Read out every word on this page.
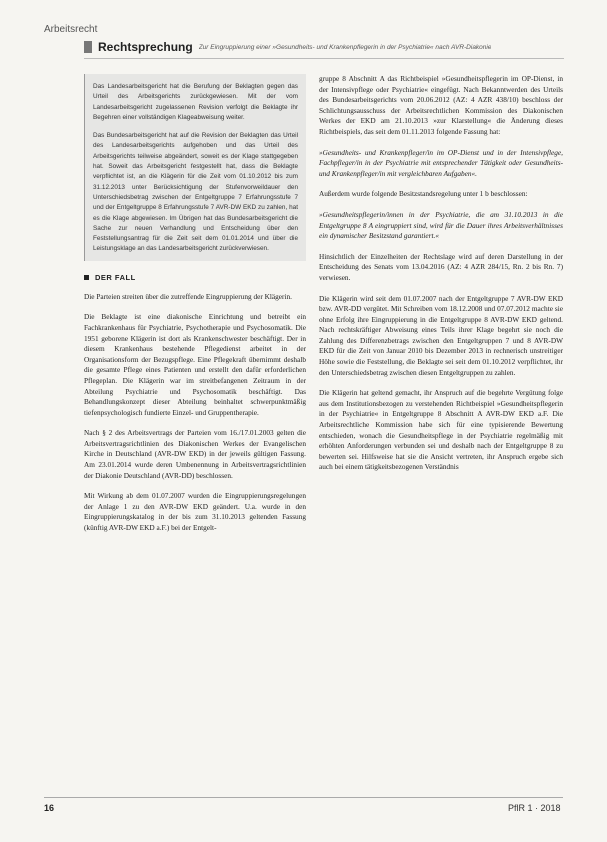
Arbeitsrecht
Rechtsprechung Zur Eingruppierung einer »Gesundheits- und Krankenpflegerin in der Psychiatrie« nach AVR-Diakonie

Das Landesarbeitsgericht hat die Berufung der Beklagten gegen das Urteil des Arbeitsgerichts zurückgewiesen. Mit der vom Landesarbeitsgericht zugelassenen Revision verfolgt die Beklagte ihr Begehren einer vollständigen Klageabweisung weiter.

Das Bundesarbeitsgericht hat auf die Revision der Beklagten das Urteil des Landesarbeitsgerichts aufgehoben und das Urteil des Arbeitsgerichts teilweise abgeändert, soweit es der Klage stattgegeben hat. Soweit das Arbeitsgericht festgestellt hat, dass die Beklagte verpflichtet ist, an die Klägerin für die Zeit vom 01.10.2012 bis zum 31.12.2013 unter Berücksichtigung der Stufenvorweildauer den Unterschiedsbetrag zwischen der Entgeltgruppe 7 Erfahrungsstufe 7 und der Entgeltgruppe 8 Erfahrungsstufe 7 AVR-DW EKD zu zahlen, hat es die Klage abgewiesen. Im Übrigen hat das Bundesarbeitsgericht die Sache zur neuen Verhandlung und Entscheidung über den Feststellungsantrag für die Zeit seit dem 01.01.2014 und über die Leistungsklage an das Landesarbeitsgericht zurückverwiesen.

DER FALL

Die Parteien streiten über die zutreffende Eingruppierung der Klägerin.

Die Beklagte ist eine diakonische Einrichtung und betreibt ein Fachkrankenhaus für Psychiatrie, Psychotherapie und Psychosomatik. Die 1951 geborene Klägerin ist dort als Krankenschwester beschäftigt. Der in diesem Krankenhaus bestehende Pflegedienst arbeitet in der Organisationsform der Bezugspflege. Eine Pflegekraft übernimmt deshalb die gesamte Pflege eines Patienten und erstellt den dafür erforderlichen Pflegeplan. Die Klägerin war im streitbefangenen Zeitraum in der Abteilung Psychiatrie und Psychosomatik beschäftigt. Das Behandlungskonzept dieser Abteilung beinhaltet schwerpunktmäßig tiefenpsychologisch fundierte Einzel- und Gruppentherapie.

Nach § 2 des Arbeitsvertrags der Parteien vom 16./17.01.2003 gelten die Arbeitsvertragsrichtlinien des Diakonischen Werkes der Evangelischen Kirche in Deutschland (AVR-DW EKD) in der jeweils gültigen Fassung. Am 23.01.2014 wurde deren Umbenennung in Arbeitsvertragsrichtlinien der Diakonie Deutschland (AVR-DD) beschlossen.

Mit Wirkung ab dem 01.07.2007 wurden die Eingruppierungsregelungen der Anlage 1 zu den AVR-DW EKD geändert. U.a. wurde in den Eingruppierungskatalog in der bis zum 31.10.2013 geltenden Fassung (künftig AVR-DW EKD a.F.) bei der Entgelt-

gruppe 8 Abschnitt A das Richtbeispiel »Gesundheitspflegerin im OP-Dienst, in der Intensivpflege oder Psychiatrie« eingefügt. Nach Bekanntwerden des Urteils des Bundesarbeitsgerichts vom 20.06.2012 (AZ: 4 AZR 438/10) beschloss der Schlichtungsausschuss der Arbeitsrechtlichen Kommission des Diakonischen Werkes der EKD am 21.10.2013 »zur Klarstellung« die Änderung dieses Richtbeispiels, das seit dem 01.11.2013 folgende Fassung hat:

»Gesundheits- und Krankenpfleger/in im OP-Dienst und in der Intensivpflege, Fachpfleger/in in der Psychiatrie mit entsprechender Tätigkeit oder Gesundheits- und Krankenpfleger/in mit vergleichbaren Aufgaben«.

Außerdem wurde folgende Besitzstandsregelung unter 1 b beschlossen:

»Gesundheitspflegerin/innen in der Psychiatrie, die am 31.10.2013 in die Entgeltgruppe 8 A eingruppiert sind, wird für die Dauer ihres Arbeitsverhältnisses ein dynamischer Besitzstand garantiert.«

Hinsichtlich der Einzelheiten der Rechtslage wird auf deren Darstellung in der Entscheidung des Senats vom 13.04.2016 (AZ: 4 AZR 284/15, Rn. 2 bis Rn. 7) verwiesen.

Die Klägerin wird seit dem 01.07.2007 nach der Entgeltgruppe 7 AVR-DW EKD bzw. AVR-DD vergütet. Mit Schreiben vom 18.12.2008 und 07.07.2012 machte sie ohne Erfolg ihre Eingruppierung in die Entgeltgruppe 8 AVR-DW EKD geltend. Nach rechtskräftiger Abweisung eines Teils ihrer Klage begehrt sie noch die Zahlung des Differenzbetrags zwischen den Entgeltgruppen 7 und 8 AVR-DW EKD für die Zeit von Januar 2010 bis Dezember 2013 in rechnerisch unstreitiger Höhe sowie die Feststellung, die Beklagte sei seit dem 01.10.2012 verpflichtet, ihr den Unterschiedsbetrag zwischen diesen Entgeltgruppen zu zahlen.

Die Klägerin hat geltend gemacht, ihr Anspruch auf die begehrte Vergütung folge aus dem Institutionsbezogen zu verstehenden Richtbeispiel »Gesundheitspflegerin in der Psychiatrie« in Entgeltgruppe 8 Abschnitt A AVR-DW EKD a.F. Die Arbeitsrechtliche Kommission habe sich für eine typisierende Bewertung entschieden, wonach die Gesundheitspflege in der Psychiatrie regelmäßig mit erhöhten Anforderungen verbunden sei und deshalb nach der Entgeltgruppe 8 zu bewerten sei. Hilfsweise hat sie die Ansicht vertreten, ihr Anspruch ergebe sich auch bei einem tätigkeitsbezogenen Verständnis

16	PflR 1 · 2018
